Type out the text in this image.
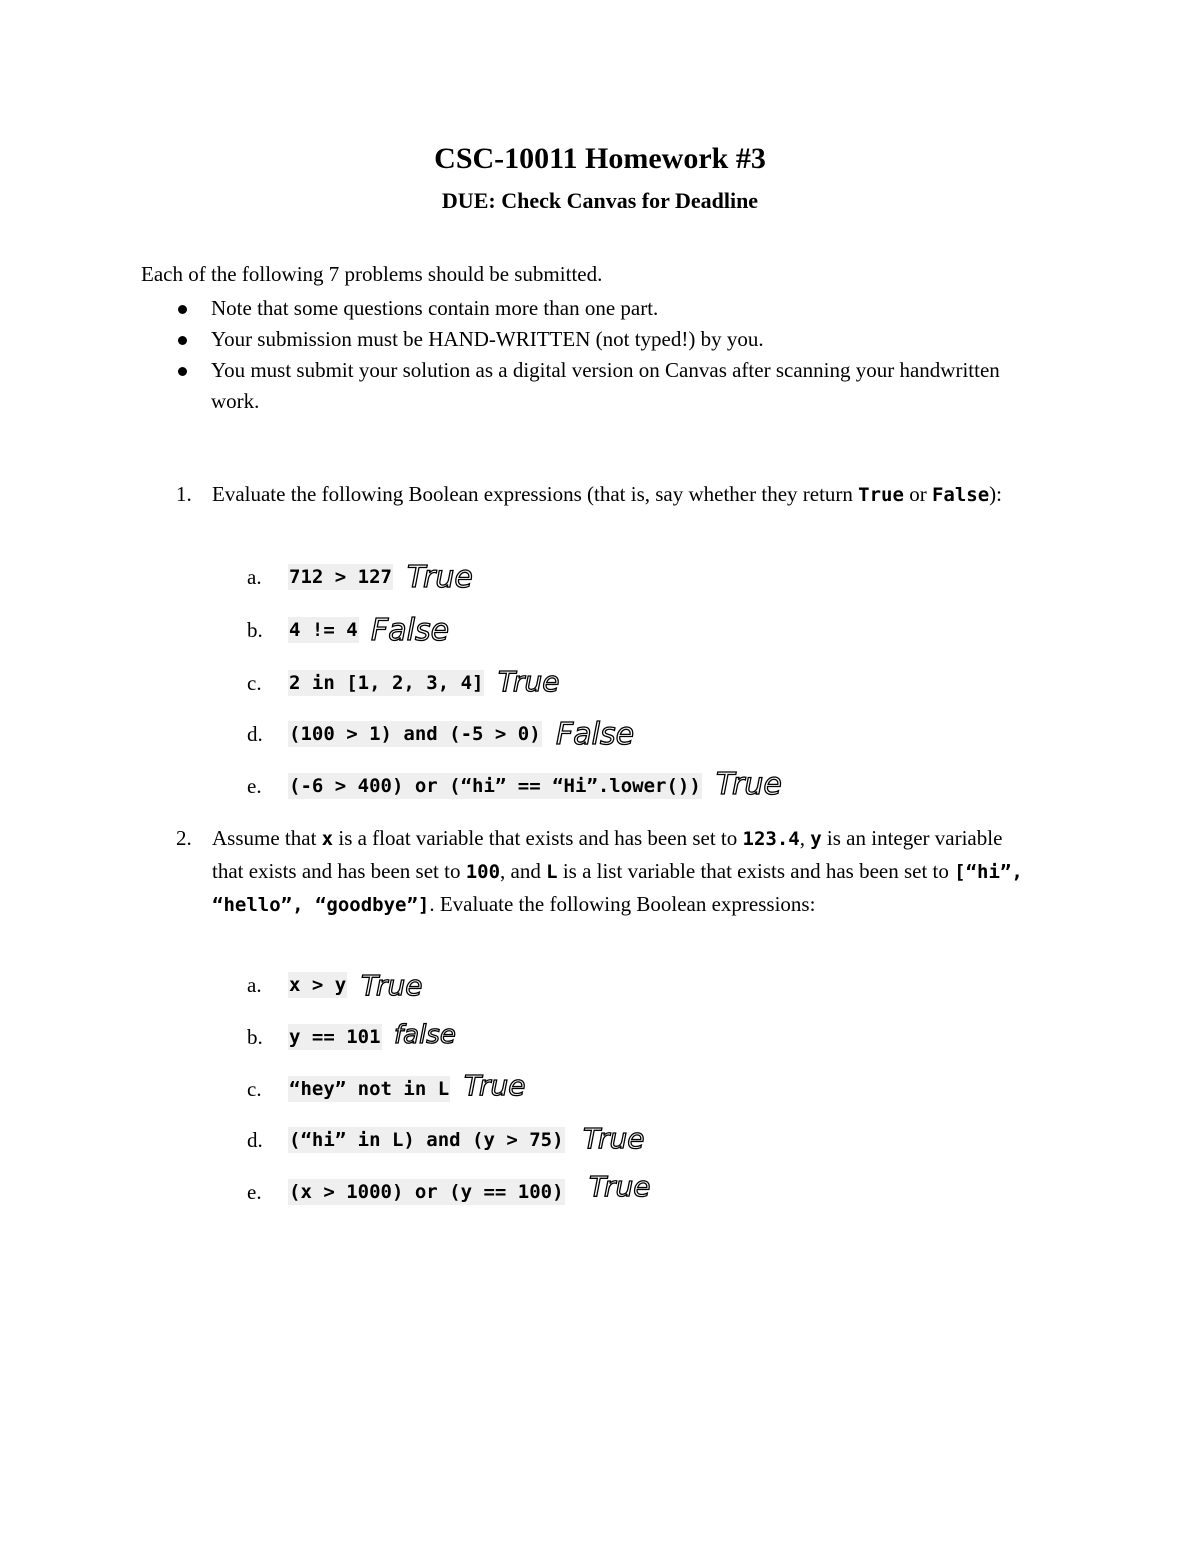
CSC-10011 Homework #3
DUE: Check Canvas for Deadline
Each of the following 7 problems should be submitted.
Note that some questions contain more than one part.
Your submission must be HAND-WRITTEN (not typed!) by you.
You must submit your solution as a digital version on Canvas after scanning your handwritten work.
1. Evaluate the following Boolean expressions (that is, say whether they return True or False):
a.	712 > 127 True
b.	4 != 4 False
c.	2 in [1, 2, 3, 4] True
d.	(100 > 1) and (-5 > 0) False
e.	(-6 > 400) or (“hi” == “Hi”.lower()) True
2. Assume that x is a float variable that exists and has been set to 123.4, y is an integer variable that exists and has been set to 100, and L is a list variable that exists and has been set to [“hi”, “hello”, “goodbye”]. Evaluate the following Boolean expressions:
a.	x > y True
b.	y == 101 false
c.	“hey” not in L True
d.	(“hi” in L) and (y > 75) True
e.	(x > 1000) or (y == 100) True
